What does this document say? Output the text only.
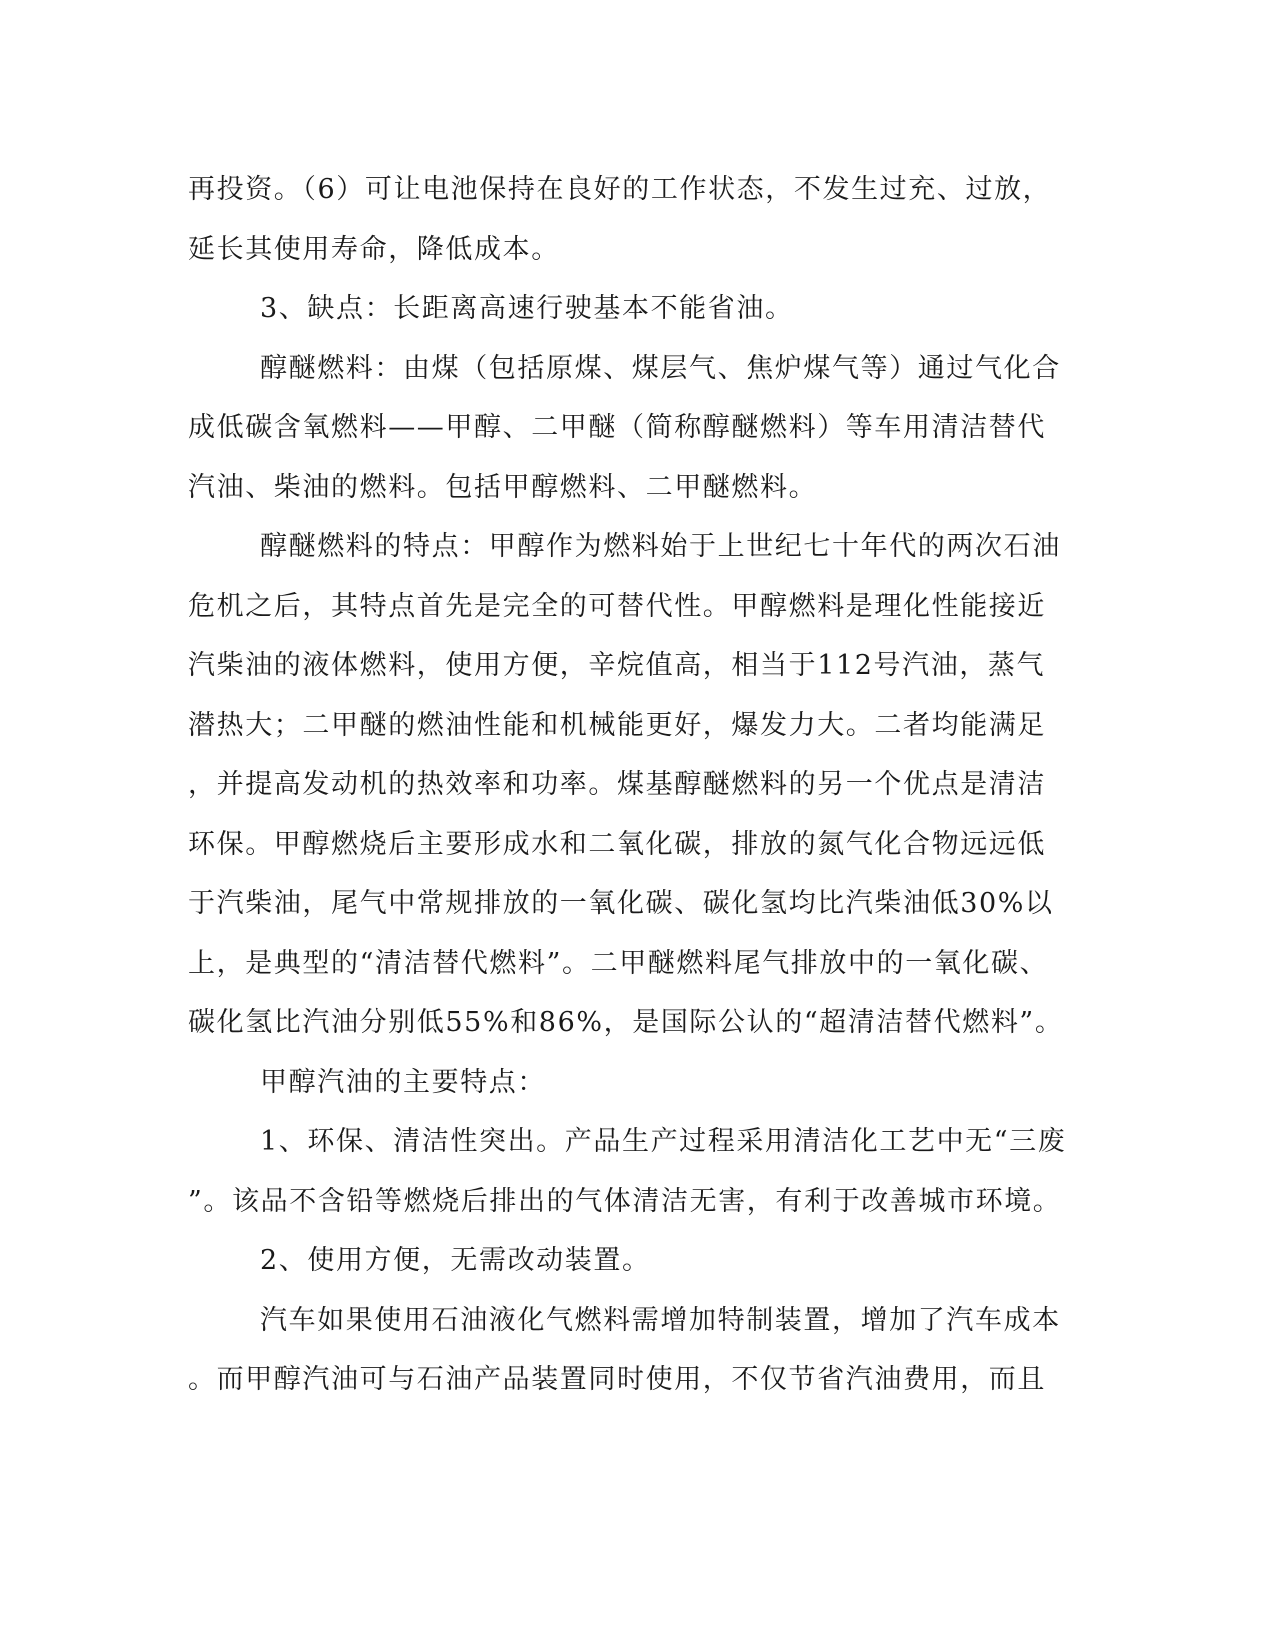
再投资。（6）可让电池保持在良好的工作状态，不发生过充、过放，
延长其使用寿命，降低成本。
3、缺点：长距离高速行驶基本不能省油。
醇醚燃料：由煤（包括原煤、煤层气、焦炉煤气等）通过气化合
成低碳含氧燃料——甲醇、二甲醚（简称醇醚燃料）等车用清洁替代
汽油、柴油的燃料。包括甲醇燃料、二甲醚燃料。
醇醚燃料的特点：甲醇作为燃料始于上世纪七十年代的两次石油
危机之后，其特点首先是完全的可替代性。甲醇燃料是理化性能接近
汽柴油的液体燃料，使用方便，辛烷值高，相当于112号汽油，蒸气
潜热大；二甲醚的燃油性能和机械能更好，爆发力大。二者均能满足
，并提高发动机的热效率和功率。煤基醇醚燃料的另一个优点是清洁
环保。甲醇燃烧后主要形成水和二氧化碳，排放的氮气化合物远远低
于汽柴油，尾气中常规排放的一氧化碳、碳化氢均比汽柴油低30%以
上，是典型的“清洁替代燃料”。二甲醚燃料尾气排放中的一氧化碳、
碳化氢比汽油分别低55%和86%，是国际公认的“超清洁替代燃料”。
甲醇汽油的主要特点：
1、环保、清洁性突出。产品生产过程采用清洁化工艺中无“三废
”。该品不含铅等燃烧后排出的气体清洁无害，有利于改善城市环境。
2、使用方便，无需改动装置。
汽车如果使用石油液化气燃料需增加特制装置，增加了汽车成本
。而甲醇汽油可与石油产品装置同时使用，不仅节省汽油费用，而且
